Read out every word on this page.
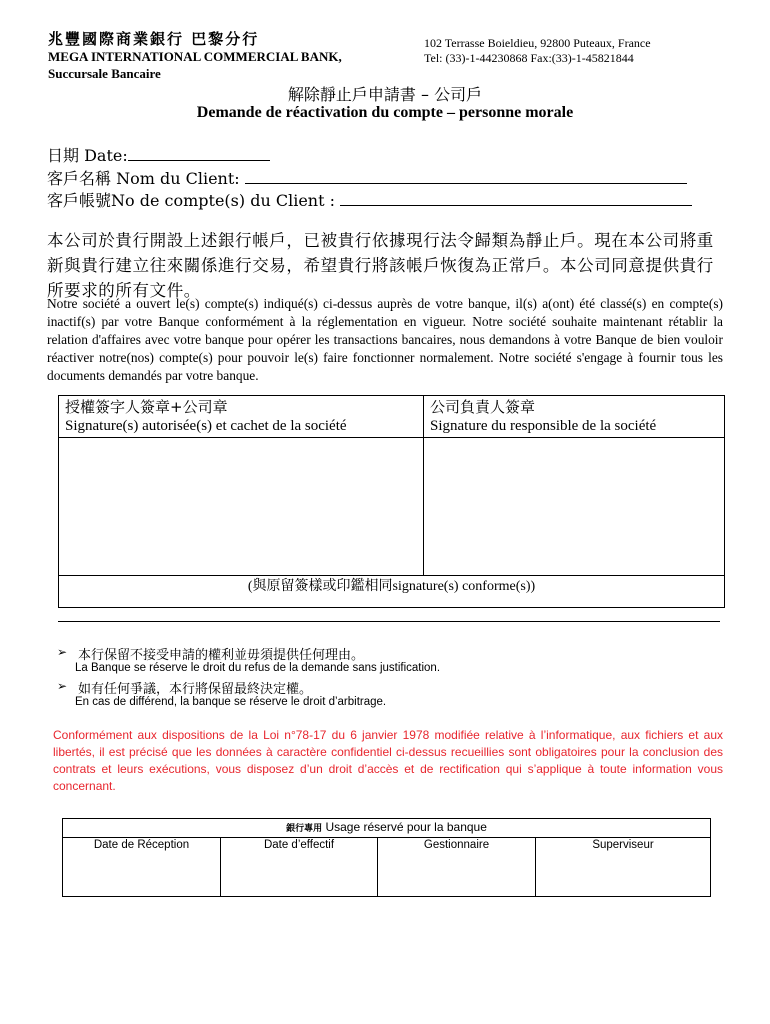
兆豐國際商業銀行 巴黎分行
MEGA INTERNATIONAL COMMERCIAL BANK,
Succursale Bancaire
102 Terrasse Boieldieu, 92800 Puteaux, France
Tel: (33)-1-44230868 Fax:(33)-1-45821844
解除靜止戶申請書 – 公司戶
Demande de réactivation du compte – personne morale
日期 Date:
客戶名稱 Nom du Client:
客戶帳號No de compte(s) du Client :
本公司於貴行開設上述銀行帳戶，已被貴行依據現行法令歸類為靜止戶。現在本公司將重新與貴行建立往來關係進行交易，希望貴行將該帳戶恢復為正常戶。本公司同意提供貴行所要求的所有文件。
Notre société a ouvert le(s) compte(s) indiqué(s) ci-dessus auprès de votre banque, il(s) a(ont) été classé(s) en compte(s) inactif(s) par votre Banque conformément à la réglementation en vigueur. Notre société souhaite maintenant rétablir la relation d'affaires avec votre banque pour opérer les transactions bancaires, nous demandons à votre Banque de bien vouloir réactiver notre(nos) compte(s) pour pouvoir le(s) faire fonctionner normalement. Notre société s'engage à fournir tous les documents demandés par votre banque.
授權簽字人簽章+公司章
Signature(s) autorisée(s) et cachet de la société
公司負責人簽章
Signature du responsible de la société
(與原留簽樣或印鑑相同signature(s) conforme(s))
➢ 本行保留不接受申請的權利並毋須提供任何理由。
La Banque se réserve le droit du refus de la demande sans justification.
➢ 如有任何爭議，本行將保留最終決定權。
En cas de différend, la banque se réserve le droit d’arbitrage.
Conformément aux dispositions de la Loi n°78-17 du 6 janvier 1978 modifiée relative à l’informatique, aux fichiers et aux libertés, il est précisé que les données à caractère confidentiel ci-dessus recueillies sont obligatoires pour la conclusion des contrats et leurs exécutions, vous disposez d’un droit d’accès et de rectification qui s’applique à toute information vous concernant.
銀行專用 Usage réservé pour la banque
Date de Réception	Date d’effectif	Gestionnaire	Superviseur
